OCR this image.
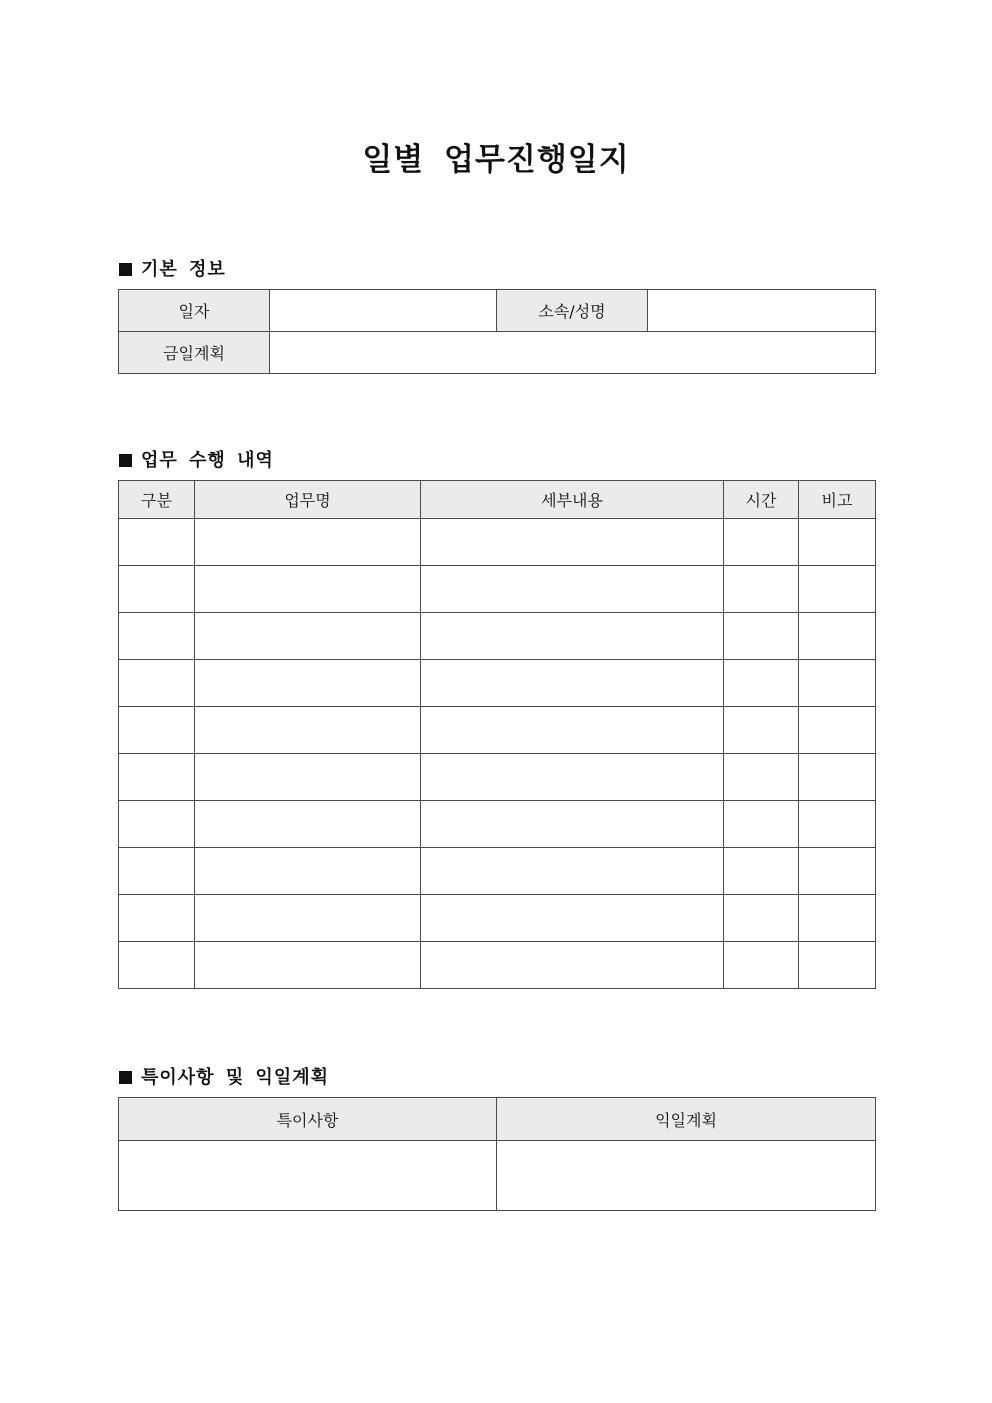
일별 업무진행일지
기본 정보
일자		소속/성명	
금일계획			
업무 수행 내역
구분	업무명	세부내용	시간	비고

특이사항 및 익일계획
특이사항	익일계획
